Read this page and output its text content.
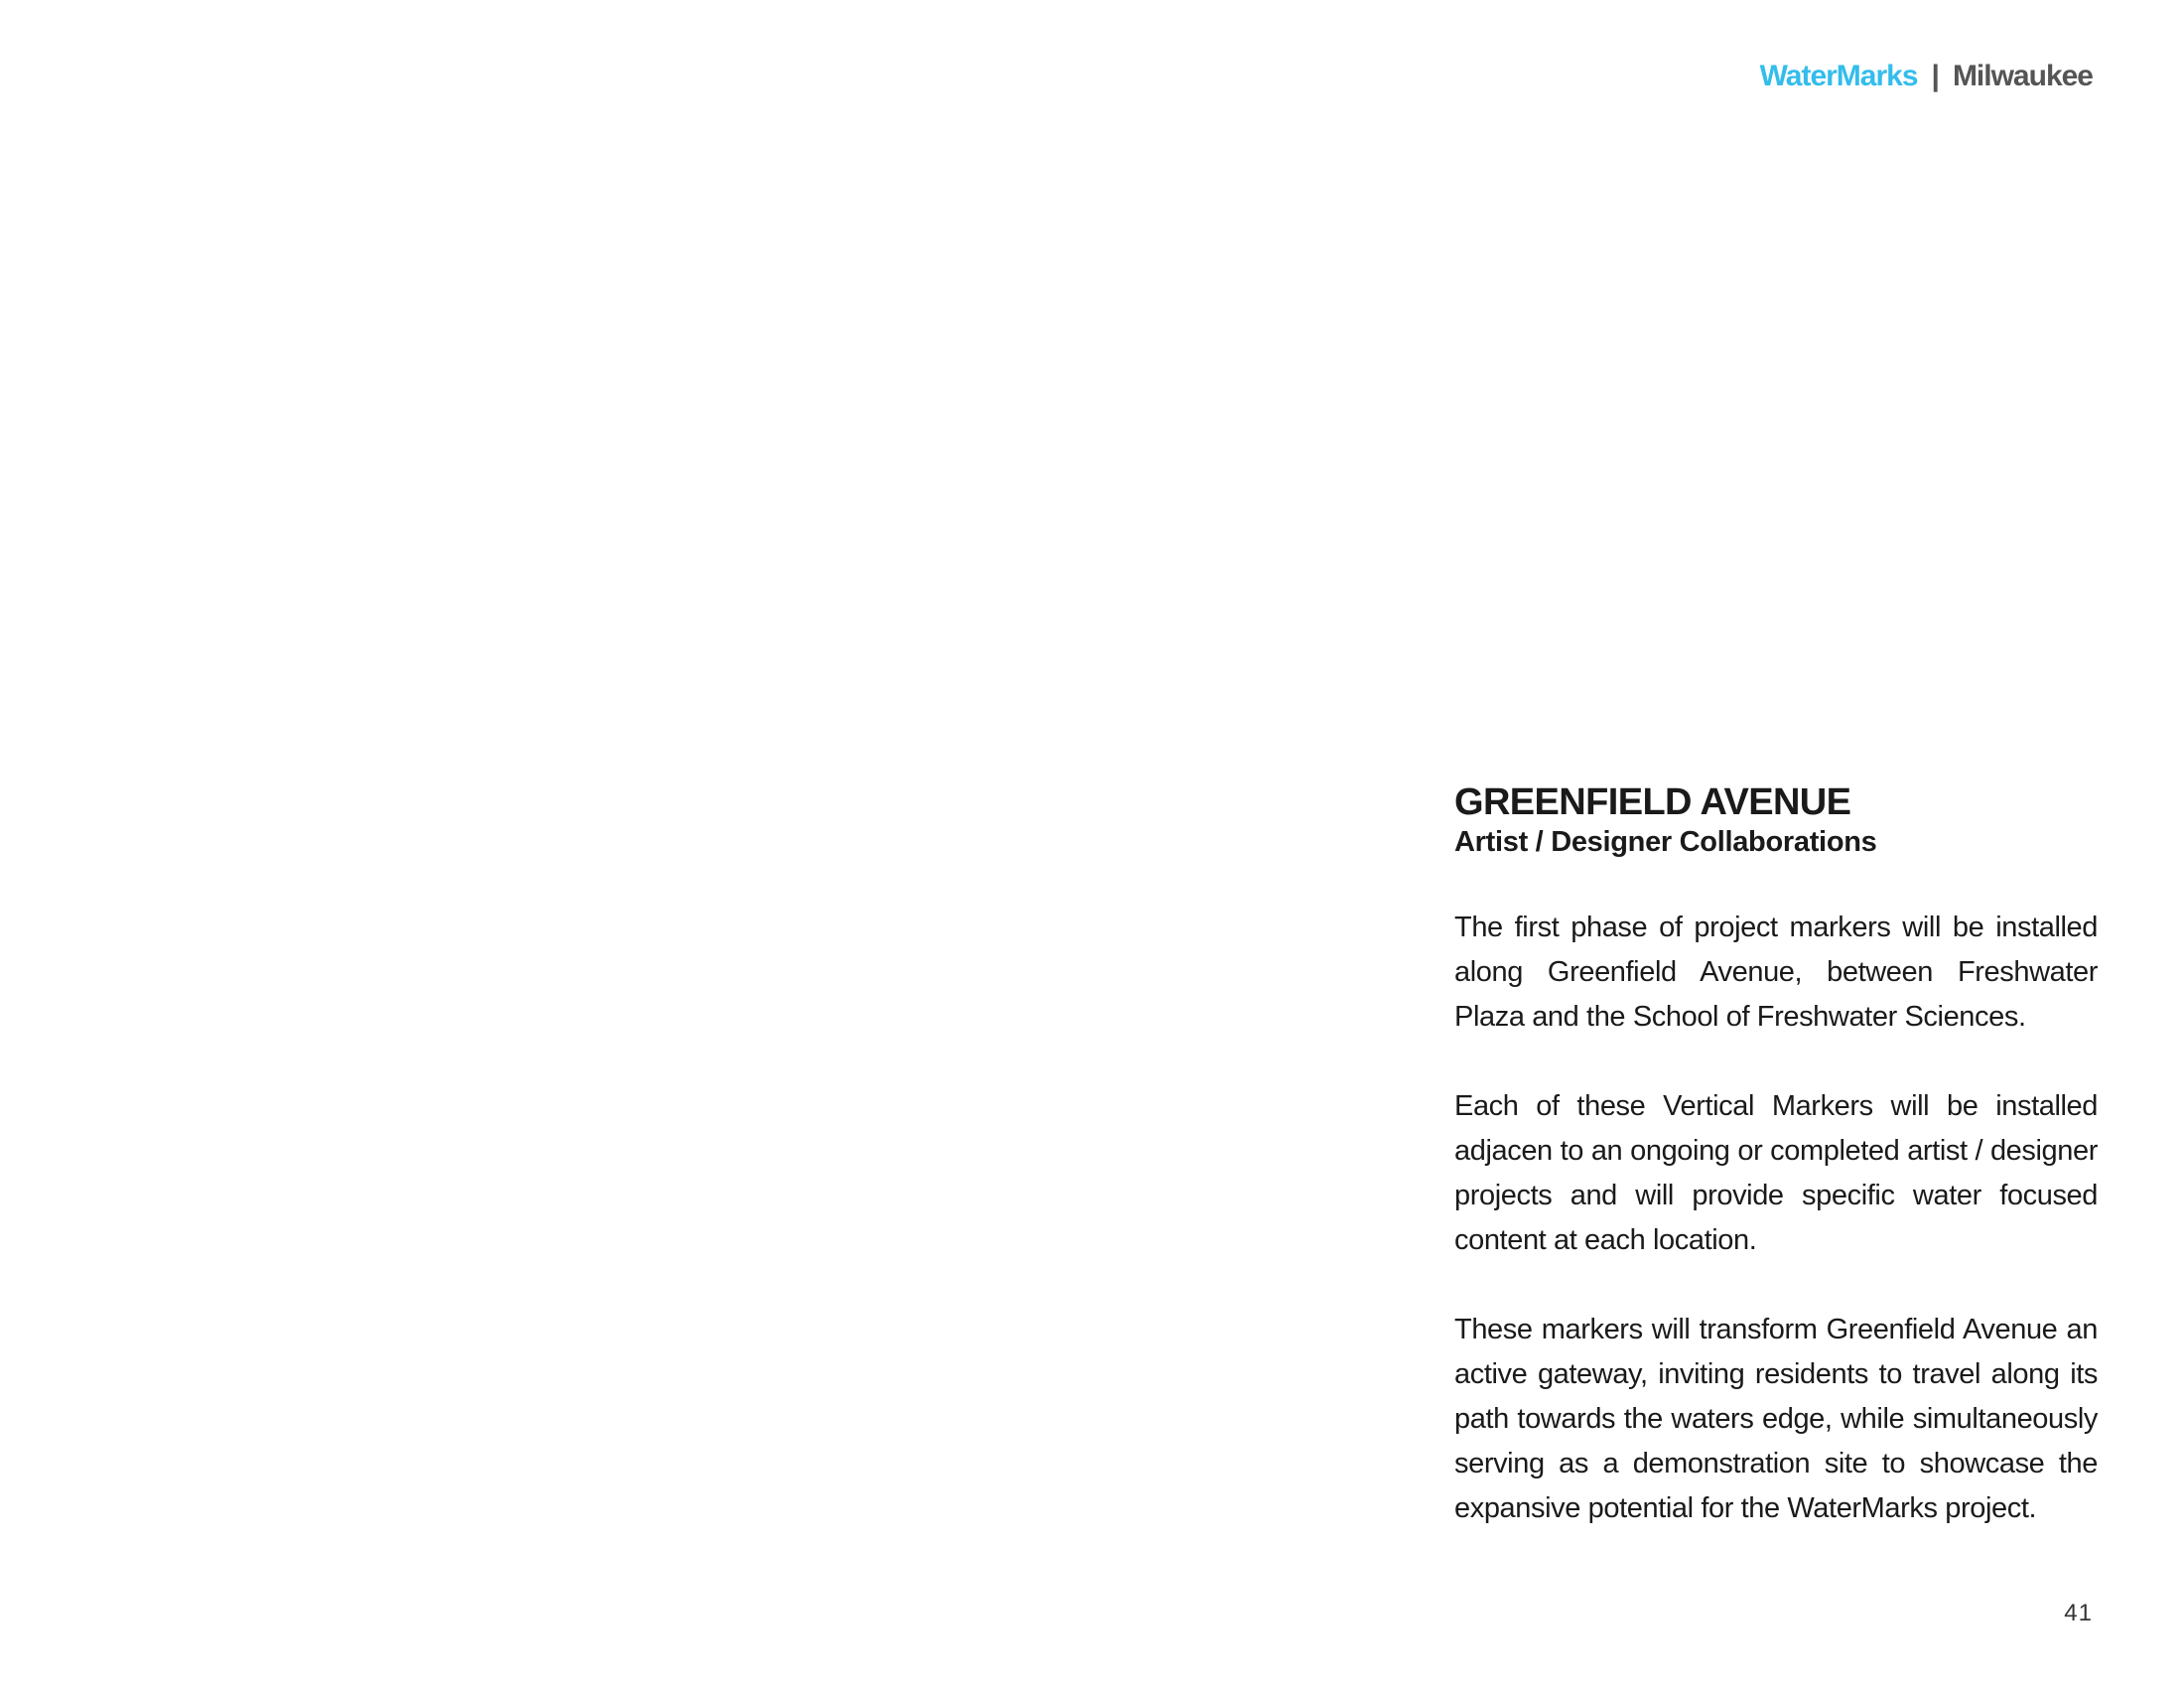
WaterMarks | Milwaukee
GREENFIELD AVENUE
Artist / Designer Collaborations

The first phase of project markers will be installed along Greenfield Avenue, between Freshwater Plaza and the School of Freshwater Sciences.

Each of these Vertical Markers will be installed adjacen to an ongoing or completed artist / designer projects and will provide specific water focused content at each location.

These markers will transform Greenfield Avenue an active gateway, inviting residents to travel along its path towards the waters edge, while simultaneously serving as a demonstration site to showcase the expansive potential for the WaterMarks project.

41
